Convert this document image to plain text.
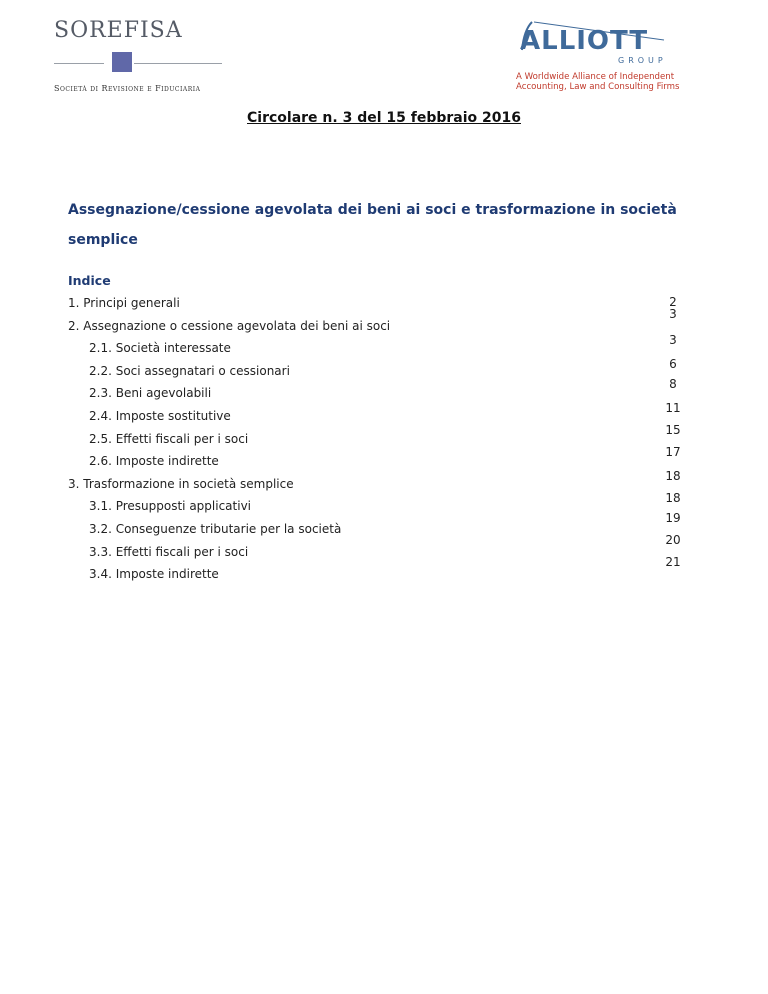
SOREFISA
Società di Revisione e Fiduciaria
ALLIOTT
GROUP
A Worldwide Alliance of Independent
Accounting, Law and Consulting Firms
Circolare n. 3 del 15 febbraio 2016
Assegnazione/cessione agevolata dei beni ai soci e trasformazione in società semplice
Indice
1. Principi generali
2. Assegnazione o cessione agevolata dei beni ai soci
2.1. Società interessate
2.2. Soci assegnatari o cessionari
2.3. Beni agevolabili
2.4. Imposte sostitutive
2.5. Effetti fiscali per i soci
2.6. Imposte indirette
3. Trasformazione in società semplice
3.1. Presupposti applicativi
3.2. Conseguenze tributarie per la società
3.3. Effetti fiscali per i soci
3.4. Imposte indirette
2
3
3
6
8
11
15
17
18
18
19
20
21
